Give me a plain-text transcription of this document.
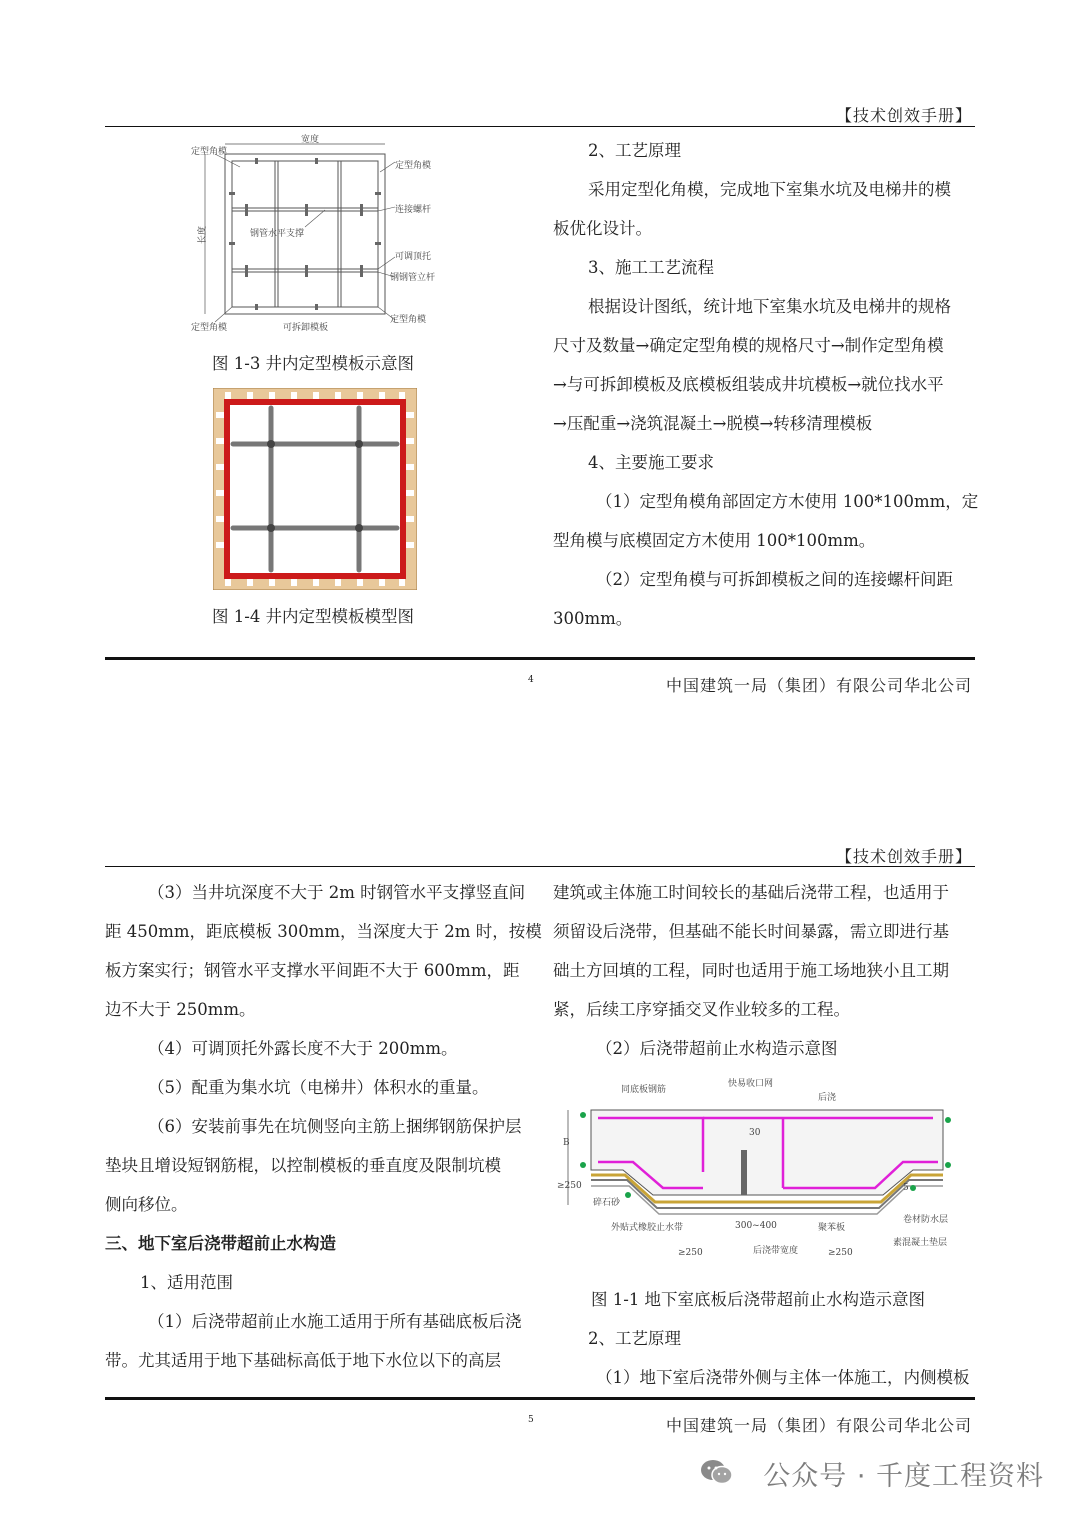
【技术创效手册】
宽度
定型角模
定型角模
连接螺杆
钢管水平支撑
长度
可调顶托
钢钢管立杆
定型角模	可拆卸模板
定型角模
图 1-3 井内定型模板示意图
图 1-4 井内定型模板模型图
2、工艺原理
采用定型化角模，完成地下室集水坑及电梯井的模
板优化设计。
3、施工工艺流程
根据设计图纸，统计地下室集水坑及电梯井的规格
尺寸及数量→确定定型角模的规格尺寸→制作定型角模
→与可拆卸模板及底模板组装成井坑模板→就位找水平
→压配重→浇筑混凝土→脱模→转移清理模板
4、主要施工要求
（1）定型角模角部固定方木使用 100*100mm，定
型角模与底模固定方木使用 100*100mm。
（2）定型角模与可拆卸模板之间的连接螺杆间距
300mm。
4	中国建筑一局（集团）有限公司华北公司
【技术创效手册】
（3）当井坑深度不大于 2m 时钢管水平支撑竖直间
距 450mm，距底模板 300mm，当深度大于 2m 时，按模
板方案实行；钢管水平支撑水平间距不大于 600mm，距
边不大于 250mm。
（4）可调顶托外露长度不大于 200mm。
（5）配重为集水坑（电梯井）体积水的重量。
（6）安装前事先在坑侧竖向主筋上捆绑钢筋保护层
垫块且增设短钢筋棍，以控制模板的垂直度及限制坑模
侧向移位。
三、地下室后浇带超前止水构造
1、适用范围
（1）后浇带超前止水施工适用于所有基础底板后浇
带。尤其适用于地下基础标高低于地下水位以下的高层
建筑或主体施工时间较长的基础后浇带工程，也适用于
须留设后浇带，但基础不能长时间暴露，需立即进行基
础土方回填的工程，同时也适用于施工场地狭小且工期
紧，后续工序穿插交叉作业较多的工程。
（2）后浇带超前止水构造示意图
同底板钢筋
快易收口网
后浇
B
≥250
30
5
碎石砂
外贴式橡胶止水带	300~400	聚苯板
卷材防水层
素混凝土垫层
≥250	后浇带宽度	≥250
图 1-1 地下室底板后浇带超前止水构造示意图
2、工艺原理
（1）地下室后浇带外侧与主体一体施工，内侧模板
5	中国建筑一局（集团）有限公司华北公司
公众号 · 千度工程资料
